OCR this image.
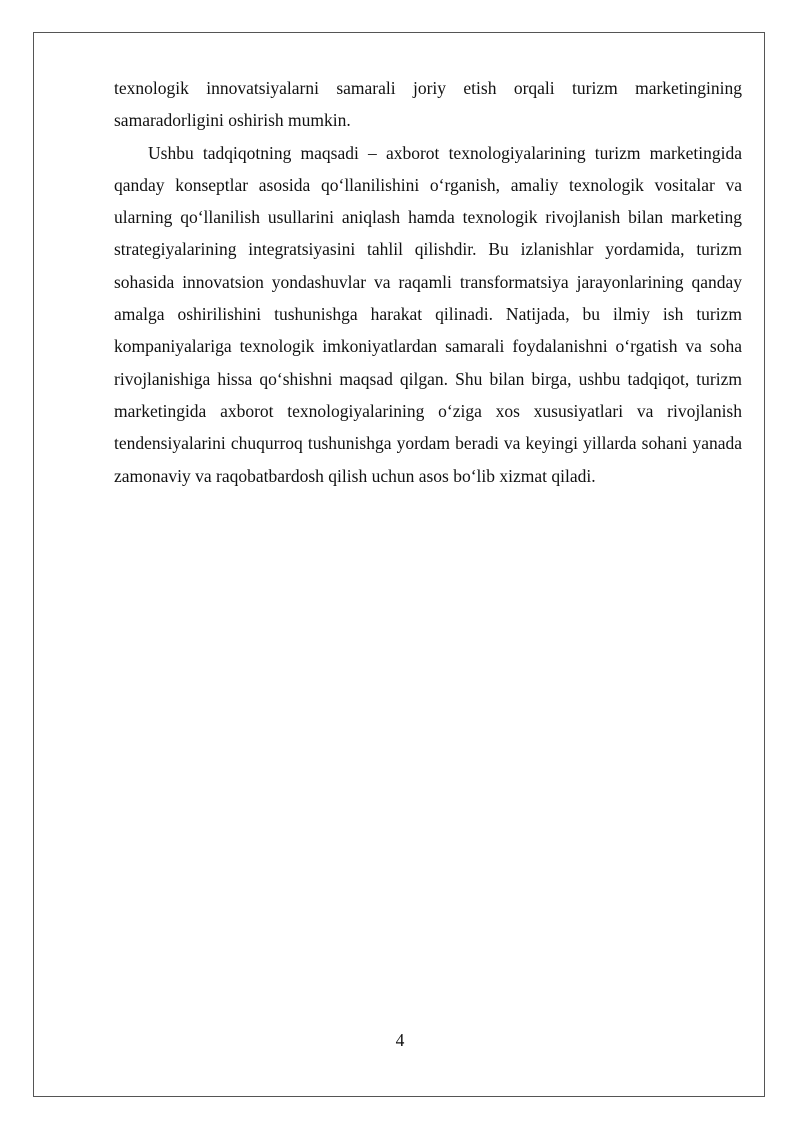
texnologik innovatsiyalarni samarali joriy etish orqali turizm marketingining samaradorligini oshirish mumkin.

Ushbu tadqiqotning maqsadi – axborot texnologiyalarining turizm marketingida qanday konseptlar asosida qo‘llanilishini o‘rganish, amaliy texnologik vositalar va ularning qo‘llanilish usullarini aniqlash hamda texnologik rivojlanish bilan marketing strategiyalarining integratsiyasini tahlil qilishdir. Bu izlanishlar yordamida, turizm sohasida innovatsion yondashuvlar va raqamli transformatsiya jarayonlarining qanday amalga oshirilishini tushunishga harakat qilinadi. Natijada, bu ilmiy ish turizm kompaniyalariga texnologik imkoniyatlardan samarali foydalanishni o‘rgatish va soha rivojlanishiga hissa qo‘shishni maqsad qilgan. Shu bilan birga, ushbu tadqiqot, turizm marketingida axborot texnologiyalarining o‘ziga xos xususiyatlari va rivojlanish tendensiyalarini chuqurroq tushunishga yordam beradi va keyingi yillarda sohani yanada zamonaviy va raqobatbardosh qilish uchun asos bo‘lib xizmat qiladi.

4
